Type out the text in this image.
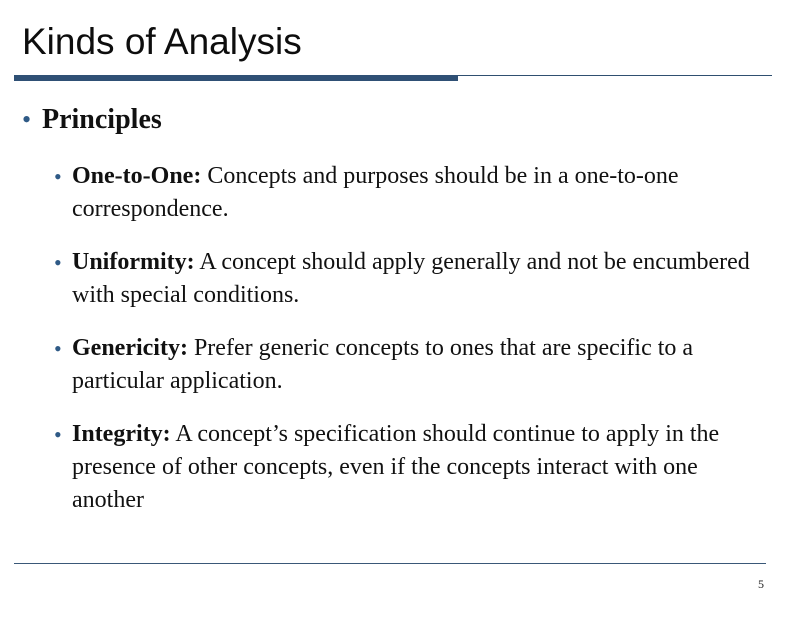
Kinds of Analysis
• Principles
• One-to-One: Concepts and purposes should be in a one-to-one correspondence.
• Uniformity: A concept should apply generally and not be encumbered with special conditions.
• Genericity: Prefer generic concepts to ones that are specific to a particular application.
• Integrity: A concept’s specification should continue to apply in the presence of other concepts, even if the concepts interact with one another
5
